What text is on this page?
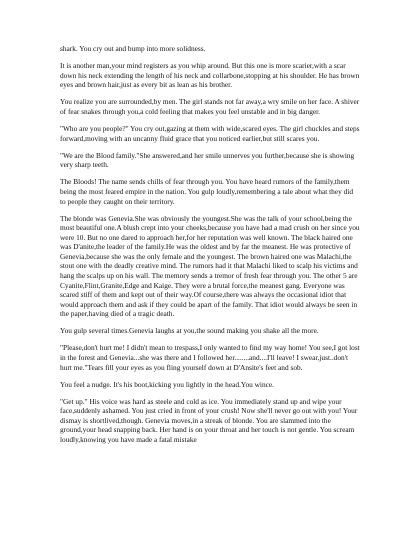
shark. You cry out and bump into more solidness.

It is another man,your mind registers as you whip around. But this one is more scarier,with a scar down his neck extending the length of his neck and collarbone,stopping at his shoulder. He has brown eyes and brown hair,just as every bit as lean as his brother.

You realize you are surrounded,by men. The girl stands not far away,a wry smile on her face. A shiver of fear snakes through you,a cold feeling that makes you feel unstable and in big danger.

"Who are you people?" You cry out,gazing at them with wide,scared eyes. The girl chuckles and steps forward,moving with an uncanny fluid grace that you noticed earlier,but still scares you.

"We are the Blood family."She answered,and her smile unnerves you further,because she is showing very sharp teeth.

The Bloods! The name sends chills of fear through you. You have heard rumors of the family,them being the most feared empire in the nation. You gulp loudly,remembering a tale about what they did to people they caught on their territory.

The blonde was Genevia.She was obviously the youngest.She was the talk of your school,being the most beautiful one.A blush crept into your cheeks,because you have had a mad crush on her since you were 10. But no one dared to approach her,for her reputation was well known. The black haired one was D'anite,the leader of the family.He was the oldest and by far the meanest. He was protective of Genevia,because she was the only female and the youngest. The brown haired one was Malachi,the stout one with the deadly creative mind. The rumors had it that Malachi liked to scalp his victims and hang the scalps up on his wall. The memory sends a tremor of fresh fear through you. The other 5 are Cyanite,Flint,Granite,Edge and Kaige. They were a brutal force,the meanest gang. Everyone was scared stiff of them and kept out of their way.Of course,there was always the occasional idiot that would approach them and ask if they could be apart of the family. That idiot would always be seen in the paper,having died of a tragic death.

You gulp several times.Genevia laughs at you,the sound making you shake all the more.

"Please,don't hurt me! I didn't mean to trespass,I only wanted to find my way home! You see,I got lost in the forest and Genevia...she was there and I followed her........and....I'll leave! I swear,just..don't hurt me."Tears fill your eyes as you fling yourself down at D'Ansite's feet and sob.

You feel a nudge. It's his boot,kicking you lightly in the head.You wince.

"Get up." His voice was hard as steele and cold as ice. You immediately stand up and wipe your face,suddenly ashamed. You just cried in front of your crush! Now she'll never go out with you! Your dismay is shortlived,though. Genevia moves,in a streak of blonde. You are slammed into the ground,your head snapping back. Her hand is on your throat and her touch is not gentle. You scream loudly,knowing you have made a fatal mistake
